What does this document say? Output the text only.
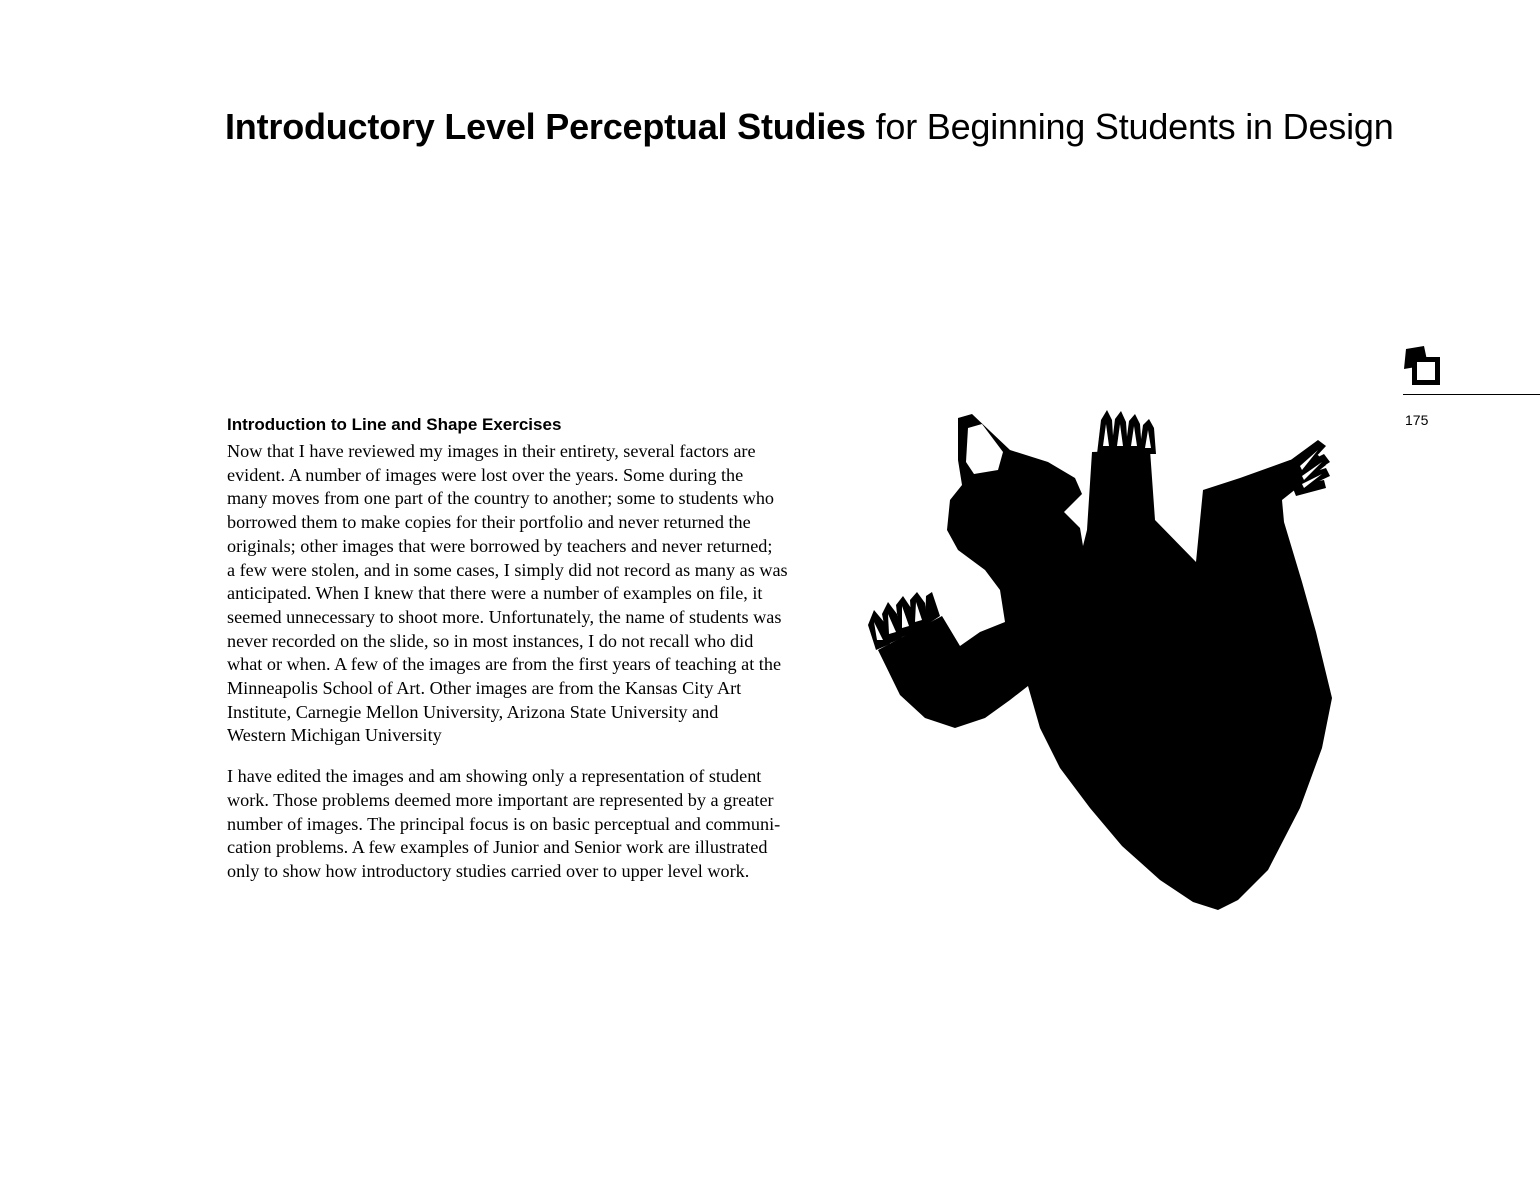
Introductory Level Perceptual Studies for Beginning Students in Design
Introduction to Line and Shape Exercises

Now that I have reviewed my images in their entirety, several factors are
evident. A number of images were lost over the years. Some during the
many moves from one part of the country to another; some to students who
borrowed them to make copies for their portfolio and never returned the
originals; other images that were borrowed by teachers and never returned;
a few were stolen, and in some cases, I simply did not record as many as was
anticipated. When I knew that there were a number of examples on file, it
seemed unnecessary to shoot more. Unfortunately, the name of students was
never recorded on the slide, so in most instances, I do not recall who did
what or when. A few of the images are from the first years of teaching at the
Minneapolis School of Art. Other images are from the Kansas City Art
Institute, Carnegie Mellon University, Arizona State University and
Western Michigan University

I have edited the images and am showing only a representation of student
work. Those problems deemed more important are represented by a greater
number of images. The principal focus is on basic perceptual and communi-
cation problems. A few examples of Junior and Senior work are illustrated
only to show how introductory studies carried over to upper level work.

175
